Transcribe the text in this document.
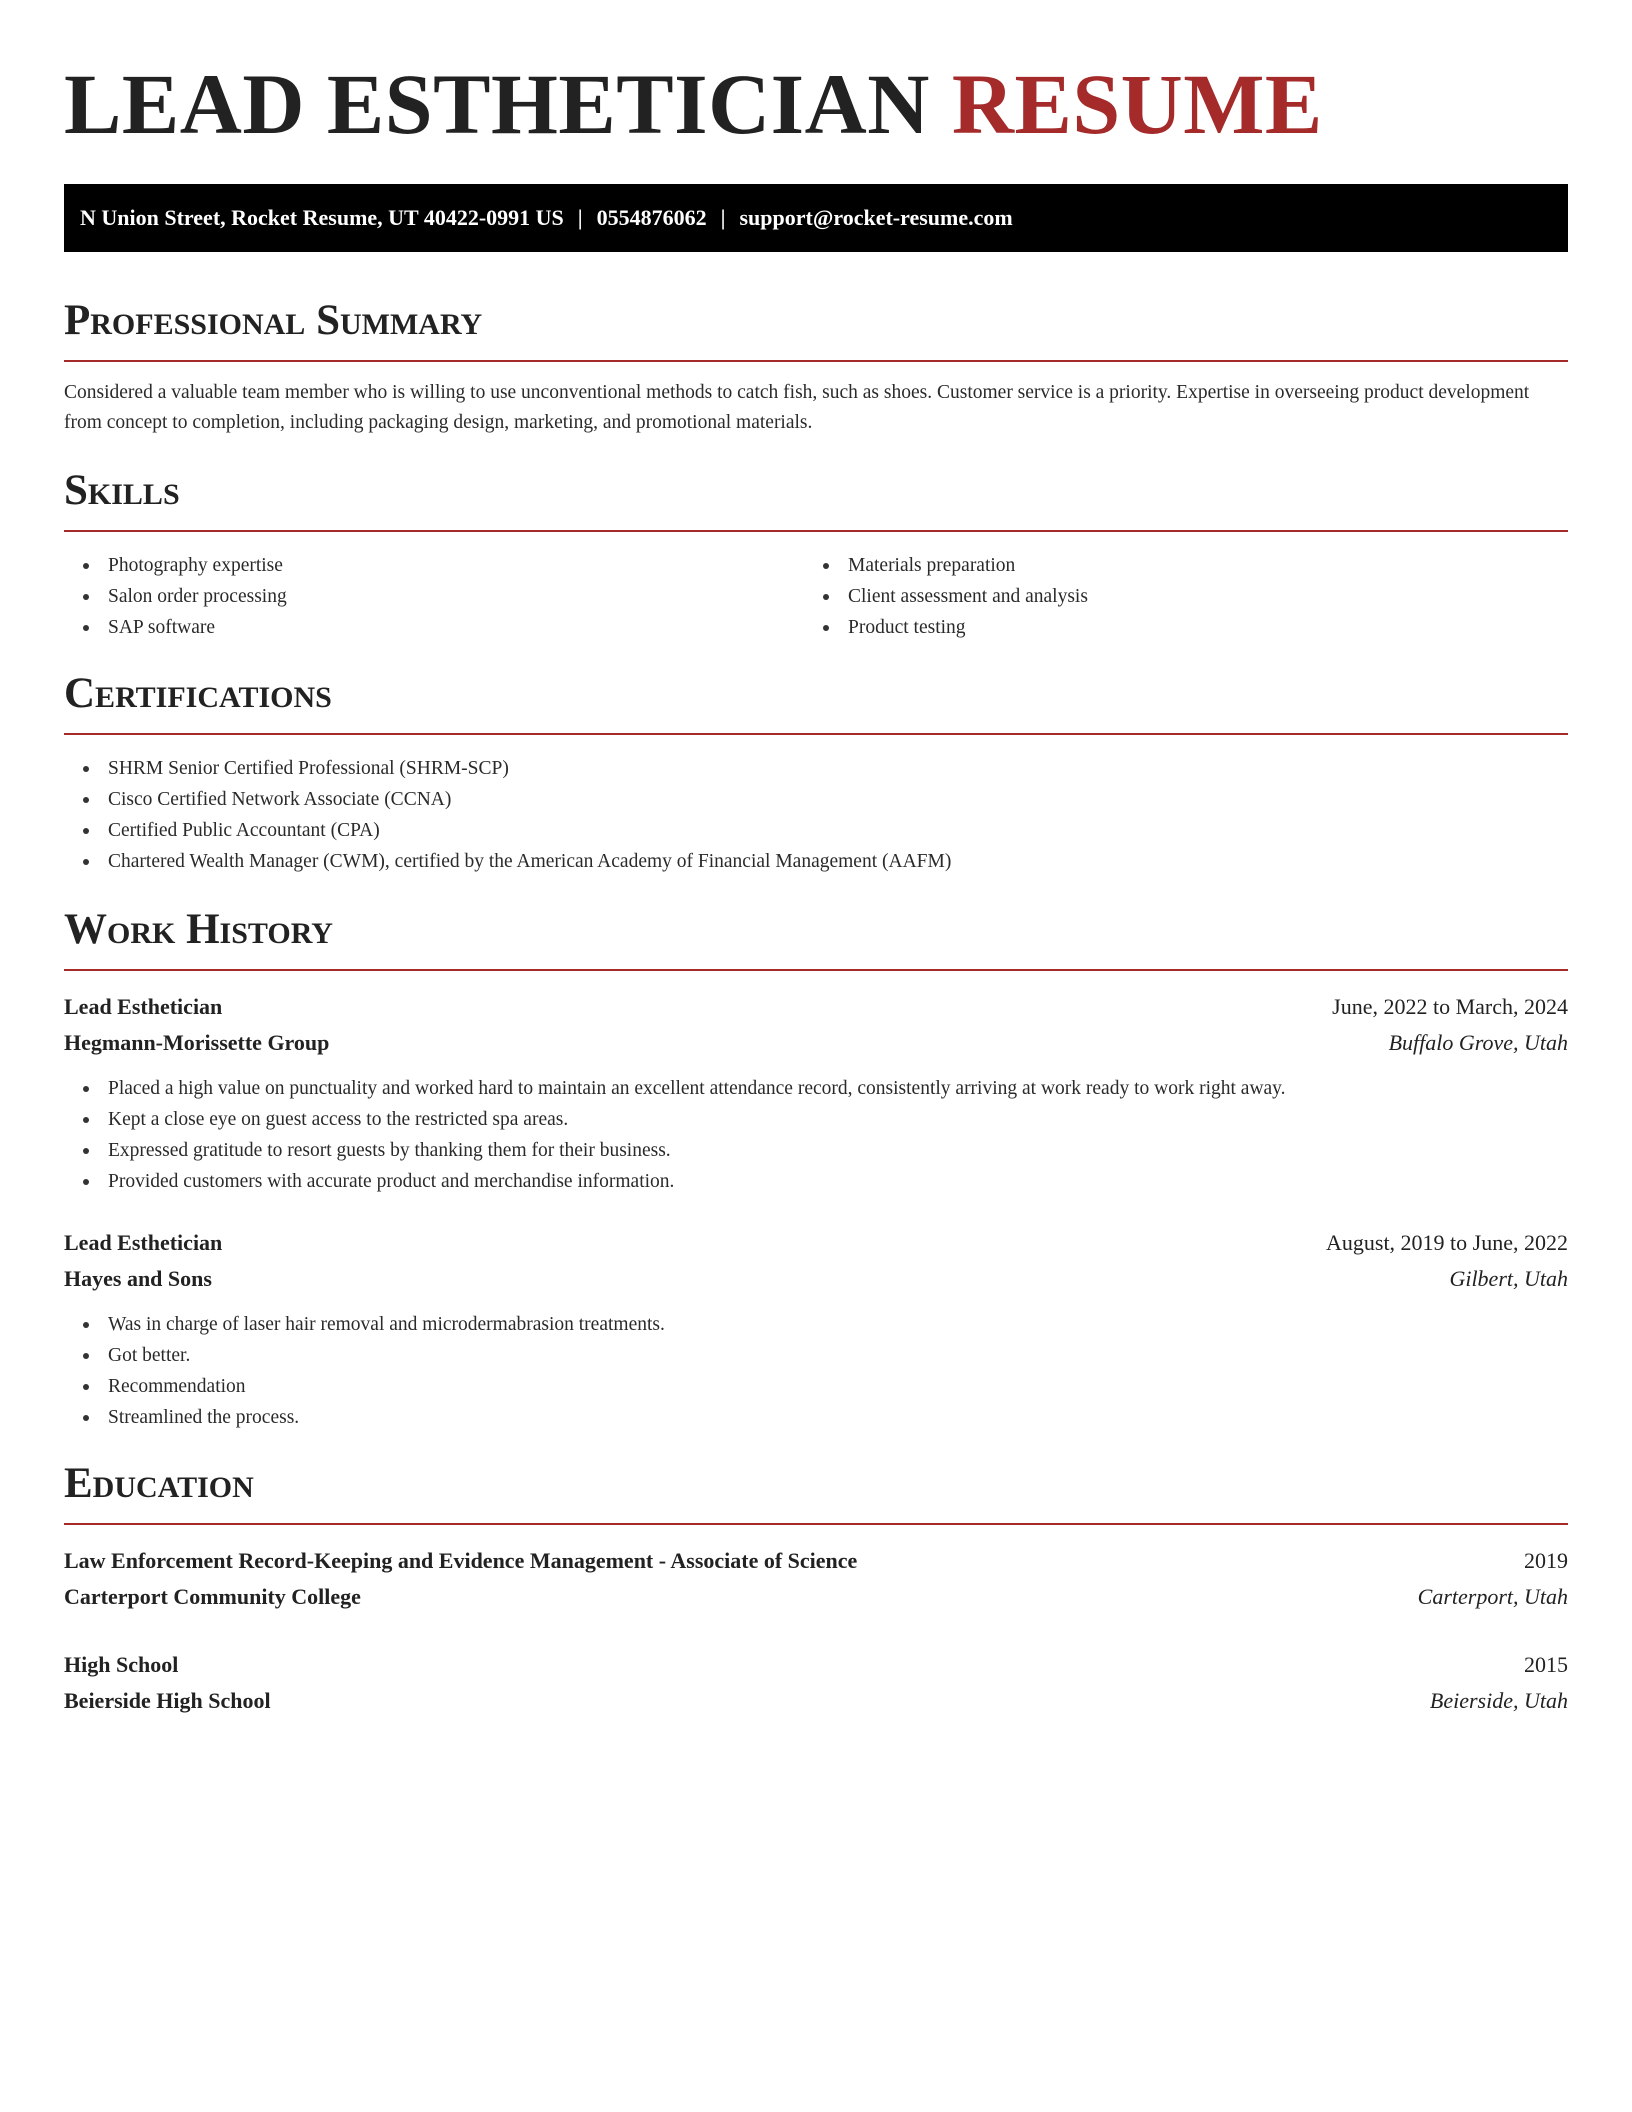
LEAD ESTHETICIAN RESUME
N Union Street, Rocket Resume, UT 40422-0991 US | 0554876062 | support@rocket-resume.com
Professional Summary

Considered a valuable team member who is willing to use unconventional methods to catch fish, such as shoes. Customer service is a priority. Expertise in overseeing product development from concept to completion, including packaging design, marketing, and promotional materials.

Skills
Photography expertise
Salon order processing
SAP software
Materials preparation
Client assessment and analysis
Product testing
Certifications
SHRM Senior Certified Professional (SHRM-SCP)
Cisco Certified Network Associate (CCNA)
Certified Public Accountant (CPA)
Chartered Wealth Manager (CWM), certified by the American Academy of Financial Management (AAFM)
Work History
Lead Esthetician	June, 2022 to March, 2024
Hegmann-Morissette Group	Buffalo Grove, Utah
Placed a high value on punctuality and worked hard to maintain an excellent attendance record, consistently arriving at work ready to work right away.
Kept a close eye on guest access to the restricted spa areas.
Expressed gratitude to resort guests by thanking them for their business.
Provided customers with accurate product and merchandise information.
Lead Esthetician	August, 2019 to June, 2022
Hayes and Sons	Gilbert, Utah
Was in charge of laser hair removal and microdermabrasion treatments.
Got better.
Recommendation
Streamlined the process.
Education
Law Enforcement Record-Keeping and Evidence Management - Associate of Science	2019
Carterport Community College	Carterport, Utah
High School	2015
Beierside High School	Beierside, Utah
